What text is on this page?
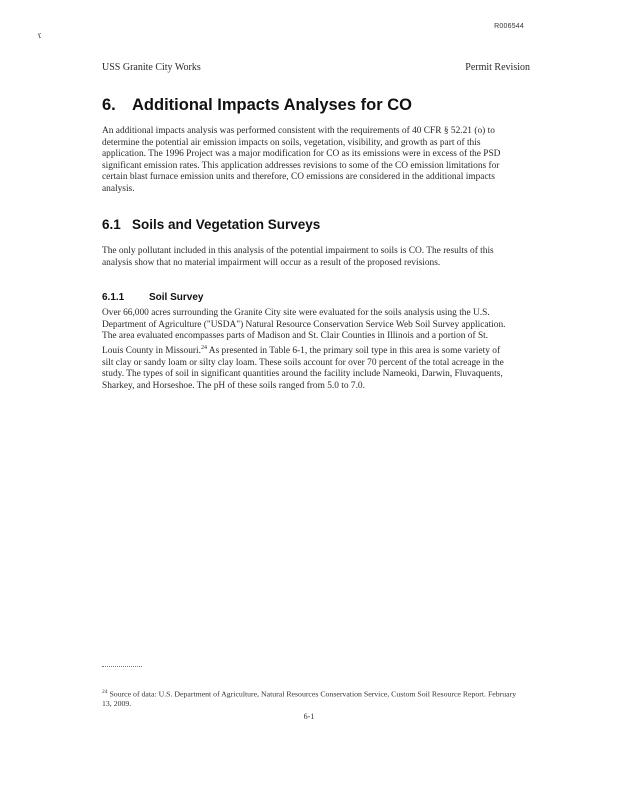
R006544
r
USS Granite City Works	Permit Revision
6. Additional Impacts Analyses for CO
An additional impacts analysis was performed consistent with the requirements of 40 CFR § 52.21 (o) to determine the potential air emission impacts on soils, vegetation, visibility, and growth as part of this application. The 1996 Project was a major modification for CO as its emissions were in excess of the PSD significant emission rates. This application addresses revisions to some of the CO emission limitations for certain blast furnace emission units and therefore, CO emissions are considered in the additional impacts analysis.
6.1 Soils and Vegetation Surveys
The only pollutant included in this analysis of the potential impairment to soils is CO. The results of this analysis show that no material impairment will occur as a result of the proposed revisions.
6.1.1 Soil Survey
Over 66,000 acres surrounding the Granite City site were evaluated for the soils analysis using the U.S. Department of Agriculture ("USDA") Natural Resource Conservation Service Web Soil Survey application. The area evaluated encompasses parts of Madison and St. Clair Counties in Illinois and a portion of St. Louis County in Missouri.$^{24}$ As presented in Table 6-1, the primary soil type in this area is some variety of silt clay or sandy loam or silty clay loam. These soils account for over 70 percent of the total acreage in the study. The types of soil in significant quantities around the facility include Nameoki, Darwin, Fluvaquents, Sharkey, and Horseshoe. The pH of these soils ranged from 5.0 to 7.0.
$^{24}$ Source of data: U.S. Department of Agriculture, Natural Resources Conservation Service, Custom Soil Resource Report. February 13, 2009.
6-1
